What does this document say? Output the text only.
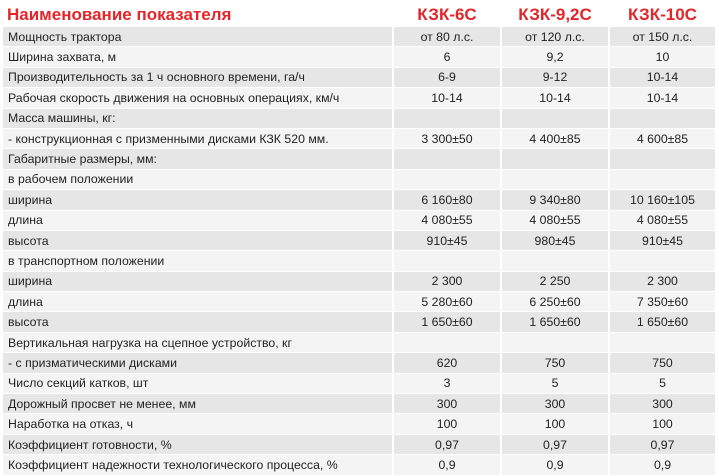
Наименование показателя	КЗК-6С	КЗК-9,2С	КЗК-10С
Мощность трактора	от 80 л.с.	от 120 л.с.	от 150 л.с.
Ширина захвата, м	6	9,2	10
Производительность за 1 ч основного времени, га/ч	6-9	9-12	10-14
Рабочая скорость движения на основных операциях, км/ч	10-14	10-14	10-14
Масса машины, кг:			
- конструкционная с призменными дисками КЗК 520 мм.	3 300±50	4 400±85	4 600±85
Габаритные размеры, мм:			
в рабочем положении			
ширина	6 160±80	9 340±80	10 160±105
длина	4 080±55	4 080±55	4 080±55
высота	910±45	980±45	910±45
в транспортном положении			
ширина	2 300	2 250	2 300
длина	5 280±60	6 250±60	7 350±60
высота	1 650±60	1 650±60	1 650±60
Вертикальная нагрузка на сцепное устройство, кг			
- с призматическими дисками	620	750	750
Число секций катков, шт	3	5	5
Дорожный просвет не менее, мм	300	300	300
Наработка на отказ, ч	100	100	100
Коэффициент готовности, %	0,97	0,97	0,97
Коэффициент надежности технологического процесса, %	0,9	0,9	0,9
